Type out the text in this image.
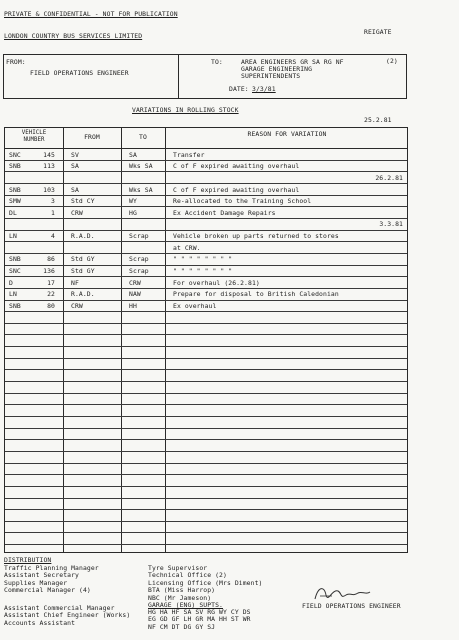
PRIVATE & CONFIDENTIAL - NOT FOR PUBLICATION
LONDON COUNTRY BUS SERVICES LIMITED	REIGATE
FROM:
FIELD OPERATIONS ENGINEER
TO:	AREA ENGINEERS GR SA RG NF
GARAGE ENGINEERING
SUPERINTENDENTS
DATE: 3/3/81
(2)
VARIATIONS IN ROLLING STOCK
25.2.81
VEHICLE
NUMBER	FROM	TO	REASON FOR VARIATION
SNC	145	SV	SA	Transfer
SNB	113	SA	Wks SA	C of F expired awaiting overhaul
26.2.81
SNB	103	SA	Wks SA	C of F expired awaiting overhaul
SMW	3	Std CY	WY	Re-allocated to the Training School
DL	1	CRW	HG	Ex Accident Damage Repairs
3.3.81
LN	4	R.A.D.	Scrap	Vehicle broken up parts returned to stores
at CRW.
SNB	86	Std GY	Scrap	" " " " " " " "
SNC	136	Std GY	Scrap	" " " " " " " "
D	17	NF	CRW	For overhaul (26.2.81)
LN	22	R.A.D.	NAW	Prepare for disposal to British Caledonian
SNB	80	CRW	HH	Ex overhaul
DISTRIBUTION
Traffic Planning Manager
Assistant Secretary
Supplies Manager
Commercial Manager (4)
Tyre Supervisor
Technical Office (2)
Licensing Office (Mrs Diment)
BTA (Miss Harrop)
NBC (Mr Jameson)
Assistant Commercial Manager
Assistant Chief Engineer (Works)
Accounts Assistant
GARAGE (ENG) SUPTS.
HG HA HF SA SV RG WY CY DS
EG GD GF LH GR MA HH ST WR
NF CM DT DG GY SJ
FIELD OPERATIONS ENGINEER
